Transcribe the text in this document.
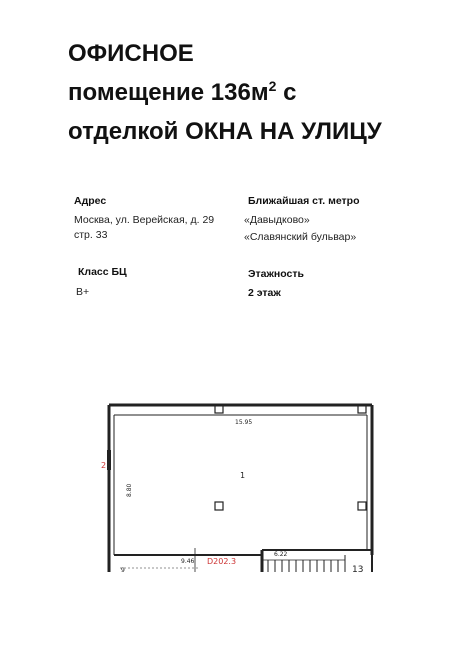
ОФИСНОЕ
помещение $136м^2$ с
отделкой ОКНА НА УЛИЦУ
Адрес
Москва, ул. Верейская, д. 29 стр. 33
Ближайшая ст. метро
«Давыдково»
«Славянский бульвар»
Класс БЦ
В+
Этажность
2 этаж
15.95
8.80
1
2
9.46 D202.3
6.22
13
9
